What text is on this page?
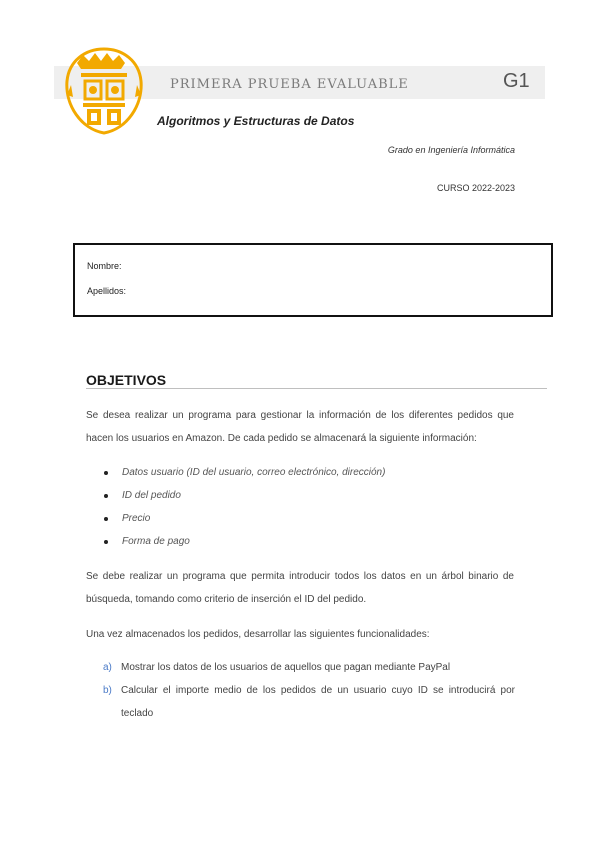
PRIMERA PRUEBA EVALUABLE	G1
Algoritmos y Estructuras de Datos
Grado en Ingeniería Informática
CURSO 2022-2023
Nombre:
Apellidos:
OBJETIVOS
Se desea realizar un programa para gestionar la información de los diferentes pedidos que hacen los usuarios en Amazon. De cada pedido se almacenará la siguiente información:
Datos usuario (ID del usuario, correo electrónico, dirección)
ID del pedido
Precio
Forma de pago
Se debe realizar un programa que permita introducir todos los datos en un árbol binario de búsqueda, tomando como criterio de inserción el ID del pedido.
Una vez almacenados los pedidos, desarrollar las siguientes funcionalidades:
a) Mostrar los datos de los usuarios de aquellos que pagan mediante PayPal
b) Calcular el importe medio de los pedidos de un usuario cuyo ID se introducirá por teclado
